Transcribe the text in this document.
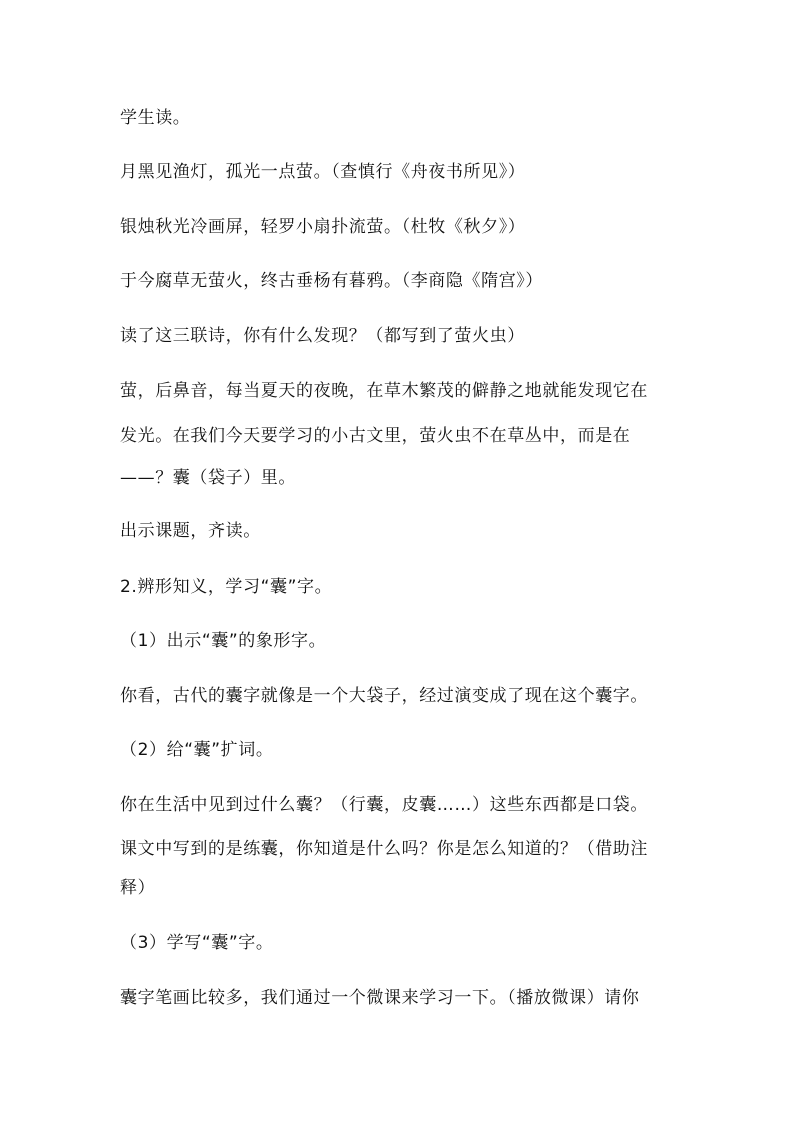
学生读。
月黑见渔灯，孤光一点萤。（查慎行《舟夜书所见》）
银烛秋光冷画屏，轻罗小扇扑流萤。（杜牧《秋夕》）
于今腐草无萤火，终古垂杨有暮鸦。（李商隐《隋宫》）
读了这三联诗，你有什么发现？（都写到了萤火虫）
萤，后鼻音，每当夏天的夜晚，在草木繁茂的僻静之地就能发现它在
发光。在我们今天要学习的小古文里，萤火虫不在草丛中，而是在
——？囊（袋子）里。
出示课题，齐读。
2.辨形知义，学习“囊”字。
（1）出示“囊”的象形字。
你看，古代的囊字就像是一个大袋子，经过演变成了现在这个囊字。
（2）给“囊”扩词。
你在生活中见到过什么囊？（行囊，皮囊……）这些东西都是口袋。
课文中写到的是练囊，你知道是什么吗？你是怎么知道的？（借助注
释）
（3）学写“囊”字。
囊字笔画比较多，我们通过一个微课来学习一下。（播放微课）请你
